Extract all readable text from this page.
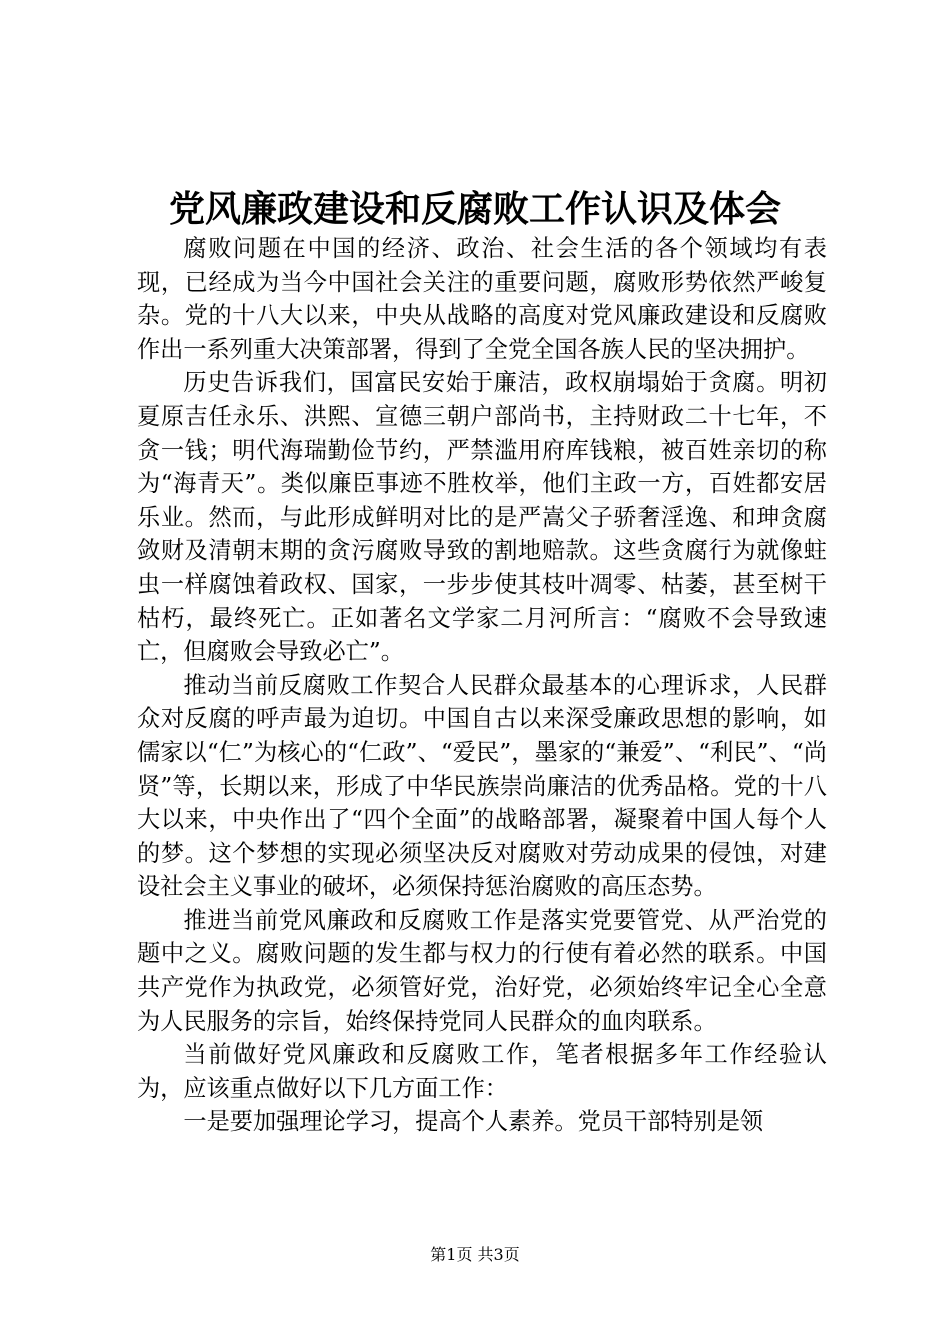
党风廉政建设和反腐败工作认识及体会

腐败问题在中国的经济、政治、社会生活的各个领域均有表现，已经成为当今中国社会关注的重要问题，腐败形势依然严峻复杂。党的十八大以来，中央从战略的高度对党风廉政建设和反腐败作出一系列重大决策部署，得到了全党全国各族人民的坚决拥护。

历史告诉我们，国富民安始于廉洁，政权崩塌始于贪腐。明初夏原吉任永乐、洪熙、宣德三朝户部尚书，主持财政二十七年，不贪一钱；明代海瑞勤俭节约，严禁滥用府库钱粮，被百姓亲切的称为“海青天”。类似廉臣事迹不胜枚举，他们主政一方，百姓都安居乐业。然而，与此形成鲜明对比的是严嵩父子骄奢淫逸、和珅贪腐敛财及清朝末期的贪污腐败导致的割地赔款。这些贪腐行为就像蛀虫一样腐蚀着政权、国家，一步步使其枝叶凋零、枯萎，甚至树干枯朽，最终死亡。正如著名文学家二月河所言：“腐败不会导致速亡，但腐败会导致必亡”。

推动当前反腐败工作契合人民群众最基本的心理诉求，人民群众对反腐的呼声最为迫切。中国自古以来深受廉政思想的影响，如儒家以“仁”为核心的“仁政”、“爱民”，墨家的“兼爱”、“利民”、“尚贤”等，长期以来，形成了中华民族崇尚廉洁的优秀品格。党的十八大以来，中央作出了“四个全面”的战略部署，凝聚着中国人每个人的梦。这个梦想的实现必须坚决反对腐败对劳动成果的侵蚀，对建设社会主义事业的破坏，必须保持惩治腐败的高压态势。

推进当前党风廉政和反腐败工作是落实党要管党、从严治党的题中之义。腐败问题的发生都与权力的行使有着必然的联系。中国共产党作为执政党，必须管好党，治好党，必须始终牢记全心全意为人民服务的宗旨，始终保持党同人民群众的血肉联系。

当前做好党风廉政和反腐败工作，笔者根据多年工作经验认为，应该重点做好以下几方面工作：

一是要加强理论学习，提高个人素养。党员干部特别是领

第1页 共3页
